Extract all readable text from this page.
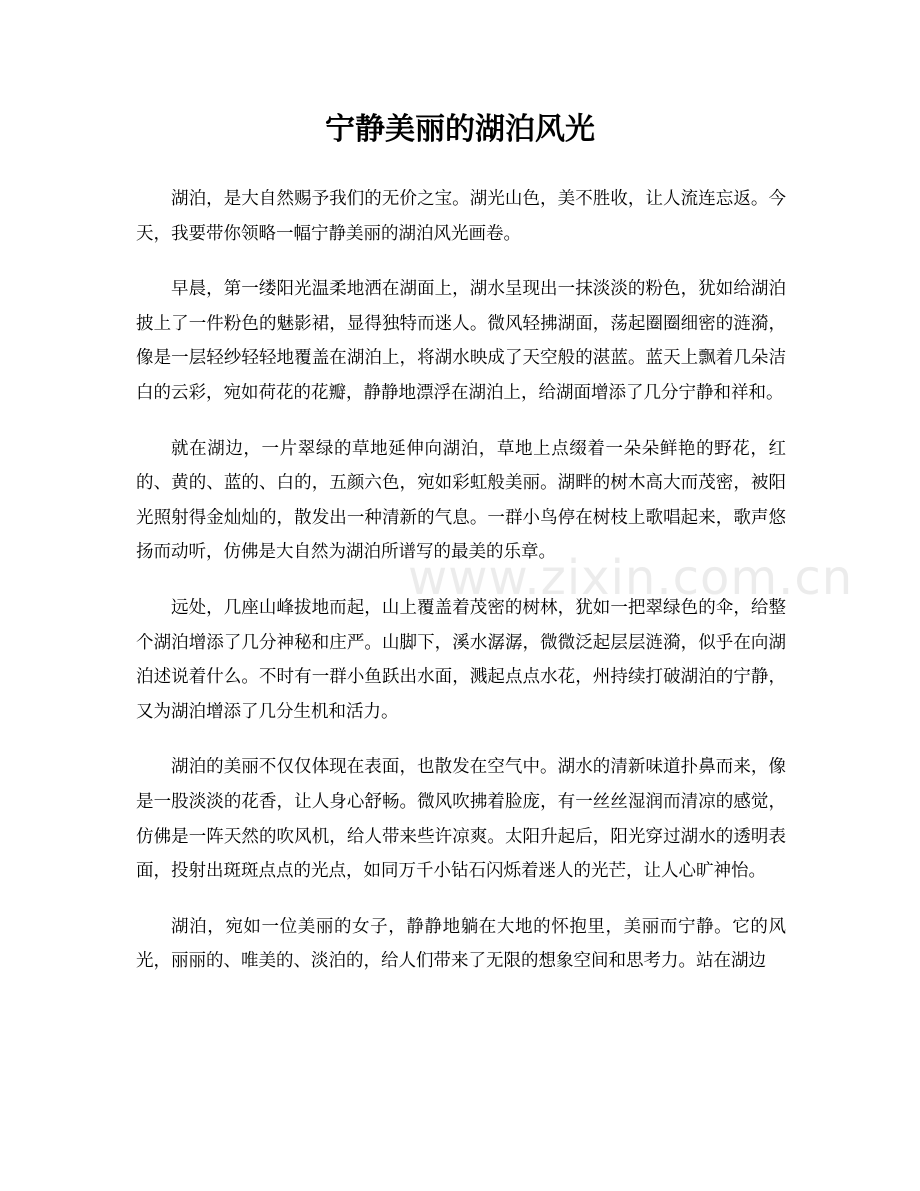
宁静美丽的湖泊风光

湖泊，是大自然赐予我们的无价之宝。湖光山色，美不胜收，让人流连忘返。今天，我要带你领略一幅宁静美丽的湖泊风光画卷。

早晨，第一缕阳光温柔地洒在湖面上，湖水呈现出一抹淡淡的粉色，犹如给湖泊披上了一件粉色的魅影裙，显得独特而迷人。微风轻拂湖面，荡起圈圈细密的涟漪，像是一层轻纱轻轻地覆盖在湖泊上，将湖水映成了天空般的湛蓝。蓝天上飘着几朵洁白的云彩，宛如荷花的花瓣，静静地漂浮在湖泊上，给湖面增添了几分宁静和祥和。

就在湖边，一片翠绿的草地延伸向湖泊，草地上点缀着一朵朵鲜艳的野花，红的、黄的、蓝的、白的，五颜六色，宛如彩虹般美丽。湖畔的树木高大而茂密，被阳光照射得金灿灿的，散发出一种清新的气息。一群小鸟停在树枝上歌唱起来，歌声悠扬而动听，仿佛是大自然为湖泊所谱写的最美的乐章。

远处，几座山峰拔地而起，山上覆盖着茂密的树林，犹如一把翠绿色的伞，给整个湖泊增添了几分神秘和庄严。山脚下，溪水潺潺，微微泛起层层涟漪，似乎在向湖泊述说着什么。不时有一群小鱼跃出水面，溅起点点水花，州持续打破湖泊的宁静，又为湖泊增添了几分生机和活力。

湖泊的美丽不仅仅体现在表面，也散发在空气中。湖水的清新味道扑鼻而来，像是一股淡淡的花香，让人身心舒畅。微风吹拂着脸庞，有一丝丝湿润而清凉的感觉，仿佛是一阵天然的吹风机，给人带来些许凉爽。太阳升起后，阳光穿过湖水的透明表面，投射出斑斑点点的光点，如同万千小钻石闪烁着迷人的光芒，让人心旷神怡。

湖泊，宛如一位美丽的女子，静静地躺在大地的怀抱里，美丽而宁静。它的风光，丽丽的、唯美的、淡泊的，给人们带来了无限的想象空间和思考力。站在湖边

www.zixin.com.cn
